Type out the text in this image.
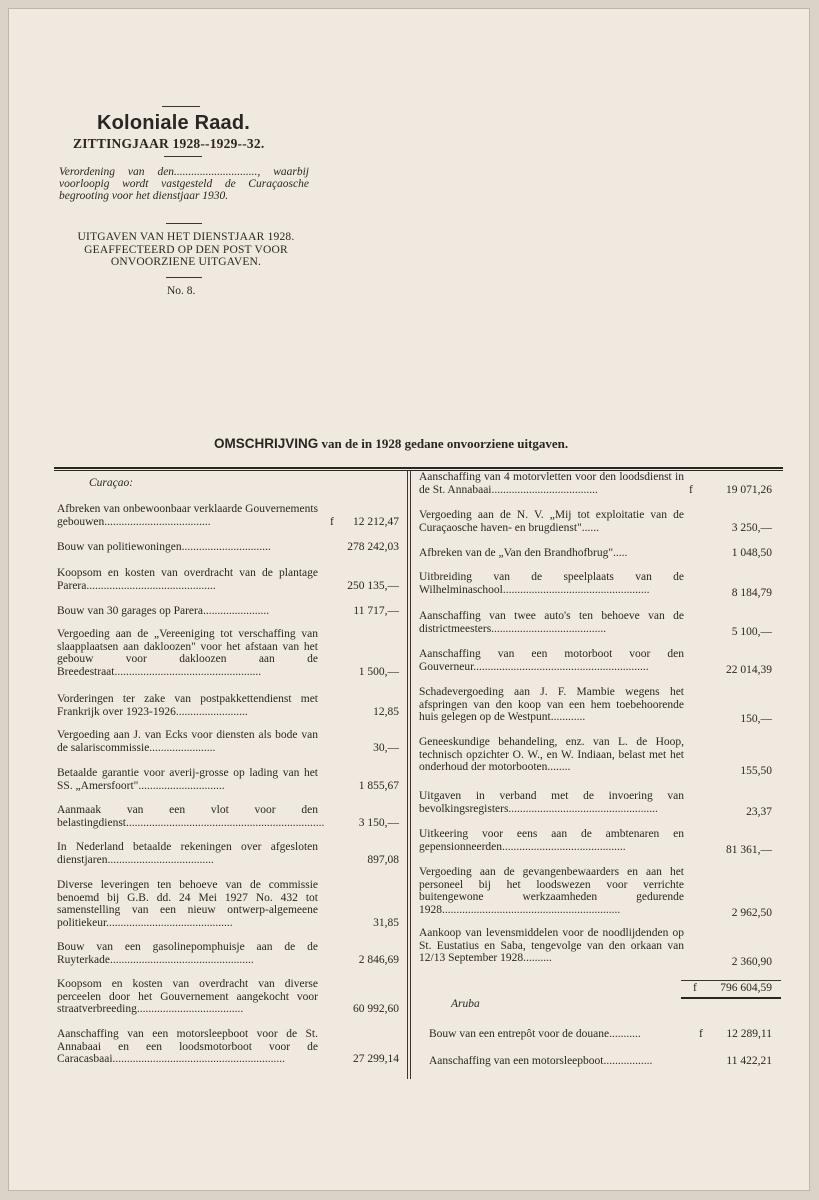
Koloniale Raad.
ZITTINGJAAR 1928--1929--32.
Verordening van den............................., waarbij voorloopig wordt vastgesteld de Curaçaosche begrooting voor het dienstjaar 1930.
UITGAVEN VAN HET DIENSTJAAR 1928. GEAFFECTEERD OP DEN POST VOOR ONVOORZIENE UITGAVEN.
No. 8.
OMSCHRIJVING van de in 1928 gedane onvoorziene uitgaven.
Curaçao:
Afbreken van onbewoonbaar verklaarde Gouvernements gebouwen.....................................	f 12 212,47
Bouw van politiewoningen...............................	278 242,03
Koopsom en kosten van overdracht van de plantage Parera.............................................	250 135,—
Bouw van 30 garages op Parera.......................	11 717,—
Vergoeding aan de „Vereeniging tot verschaffing van slaapplaatsen aan dakloozen" voor het afstaan van het gebouw voor dakloozen aan de Breedestraat...................................................	1 500,—
Vorderingen ter zake van postpakkettendienst met Frankrijk over 1923-1926.........................	12,85
Vergoeding aan J. van Ecks voor diensten als bode van de salariscommissie.......................	30,—
Betaalde garantie voor averij-grosse op lading van het SS. „Amersfoort"..............................	1 855,67
Aanmaak van een vlot voor den belastingdienst.....................................................................	3 150,—
In Nederland betaalde rekeningen over afgesloten dienstjaren.....................................	897,08
Diverse leveringen ten behoeve van de commissie benoemd bij G.B. dd. 24 Mei 1927 No. 432 tot samenstelling van een nieuw ontwerp-algemeene politiekeur............................................	31,85
Bouw van een gasolinepomphuisje aan de de Ruyterkade..................................................	2 846,69
Koopsom en kosten van overdracht van diverse perceelen door het Gouvernement aangekocht voor straatverbreeding.....................................	60 992,60
Aanschaffing van een motorsleepboot voor de St. Annabaai en een loodsmotorboot voor de Caracasbaai............................................................	27 299,14
Aanschaffing van 4 motorvletten voor den loodsdienst in de St. Annabaai.....................................	f	19 071,26
Vergoeding aan de N. V. „Mij tot exploitatie van de Curaçaosche haven- en brugdienst"......	3 250,—
Afbreken van de „Van den Brandhofbrug".....	1 048,50
Uitbreiding van de speelplaats van de Wilhelminaschool...................................................	8 184,79
Aanschaffing van twee auto's ten behoeve van de districtmeesters........................................	5 100,—
Aanschaffing van een motorboot voor den Gouverneur.............................................................	22 014,39
Schadevergoeding aan J. F. Mambie wegens het afspringen van den koop van een hem toebehoorende huis gelegen op de Westpunt............	150,—
Geneeskundige behandeling, enz. van L. de Hoop, technisch opzichter O. W., en W. Indiaan, belast met het onderhoud der motorbooten........	155,50
Uitgaven in verband met de invoering van bevolkingsregisters....................................................	23,37
Uitkeering voor eens aan de ambtenaren en gepensionneerden...........................................	81 361,—
Vergoeding aan de gevangenbewaarders en aan het personeel bij het loodswezen voor verrichte buitengewone werkzaamheden gedurende 1928..............................................................	2 962,50
Aankoop van levensmiddelen voor de noodlijdenden op St. Eustatius en Saba, tengevolge van den orkaan van 12/13 September 1928..........	2 360,90
f 796 604,59
Aruba
Bouw van een entrepôt voor de douane...........	f 12 289,11
Aanschaffing van een motorsleepboot.................	11 422,21
